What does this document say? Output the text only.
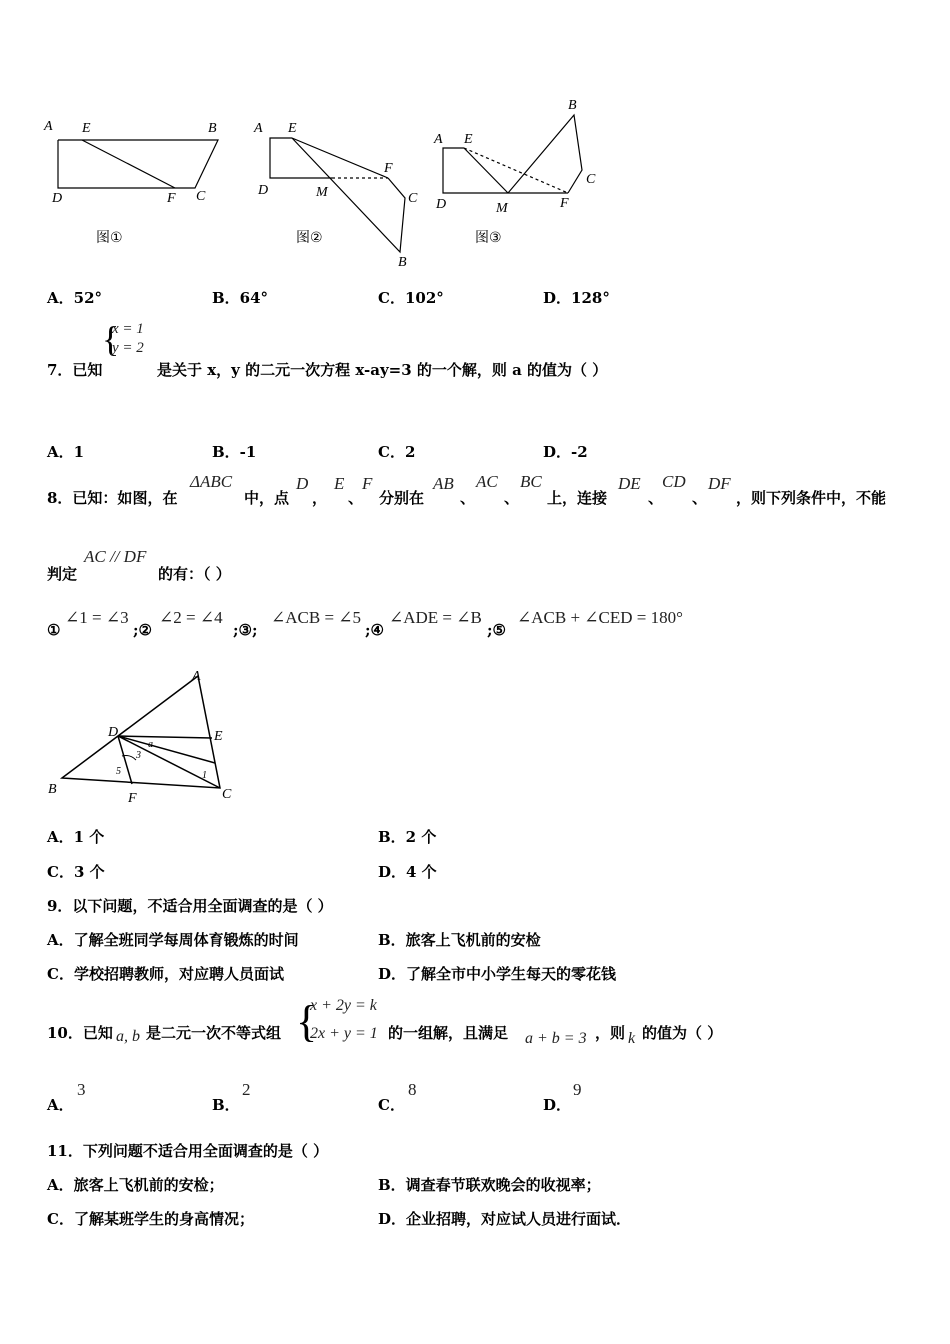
A E	B
D	F C
图①
A E
F
D	M	C
B
图②
B
A E
C
D	M	F
图③
A．52°	B．64°	C．102°	D．128°
7．已知
{
x = 1
y = 2
是关于 x，y 的二元一次方程 x-ay=3 的一个解，则 a 的值为（ ）
A．1	B．-1	C．2	D．-2
8．已知：如图，在
ΔABC
中，点
D
，
E
、
F
分别在
AB
、
AC
、
BC
上，连接
DE
、
CD
、
DF
，则下列条件中，不能
判定
AC // DF
的有：（ ）
①
∠1 = ∠3
;②
∠2 = ∠4
;③;
∠ACB = ∠5
;④
∠ADE = ∠B
;⑤
∠ACB + ∠CED = 180°
A
D	E
B
F	C
a
3
5	1
A．1 个	B．2 个
C．3 个	D．4 个
9．以下问题，不适合用全面调查的是（ ）
A．了解全班同学每周体育锻炼的时间	B．旅客上飞机前的安检
C．学校招聘教师，对应聘人员面试	D．了解全市中小学生每天的零花钱
10．已知 a, b 是二元一次不等式组 {
x + 2y = k
2x + y = 1 的一组解，且满足 a + b = 3 ，则 k 的值为（ ）
A．
3
B．
2
C．
8
D．
9
11．下列问题不适合用全面调查的是（ ）
A．旅客上飞机前的安检；	B．调查春节联欢晚会的收视率；
C．了解某班学生的身高情况；	D．企业招聘，对应试人员进行面试．
